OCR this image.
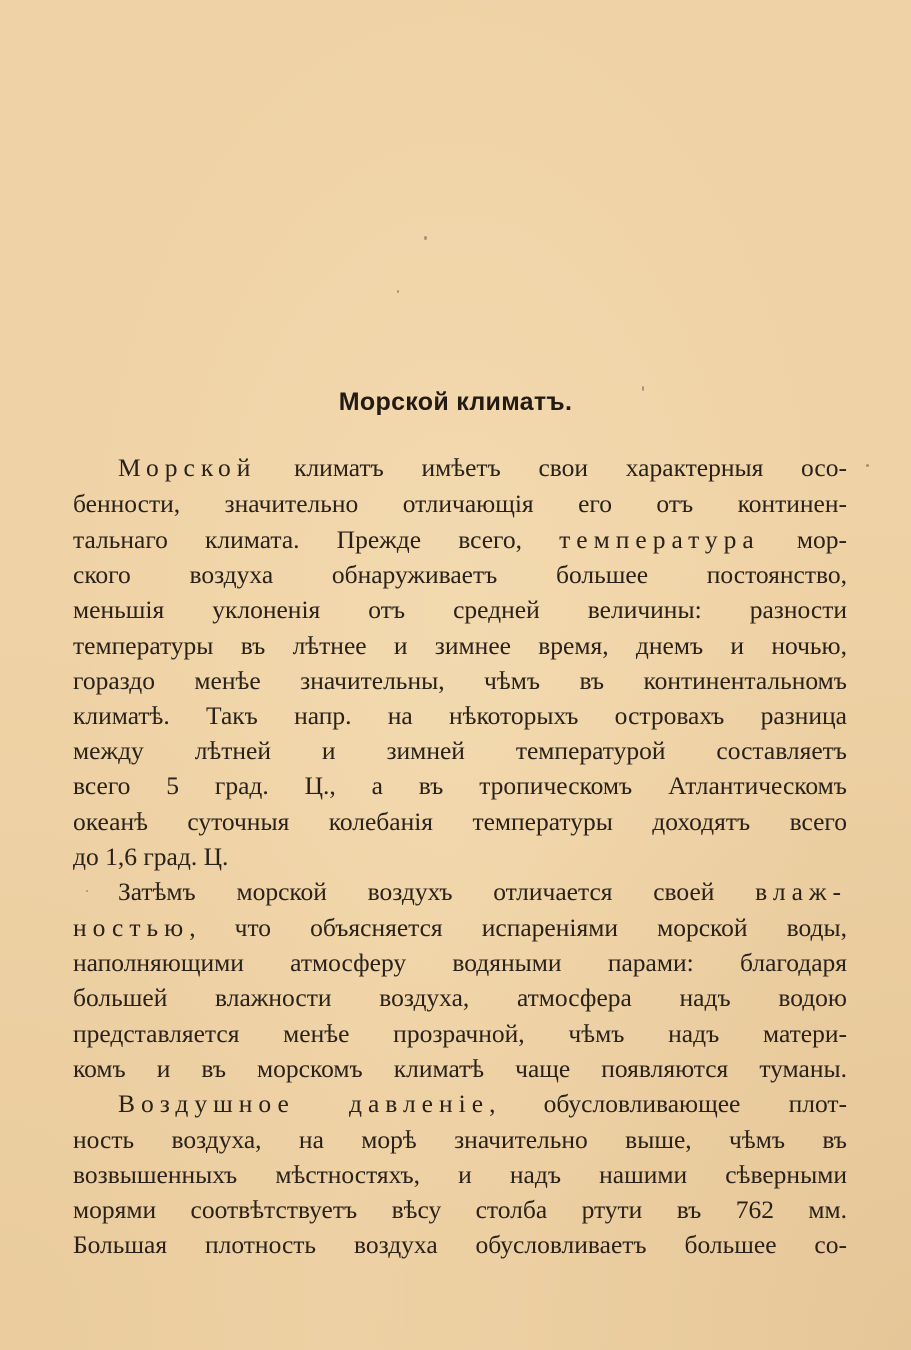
Морской климатъ.
Морской климатъ имѣетъ свои характерныя осо-
бенности, значительно отличающія его отъ континен-
тальнаго климата. Прежде всего, температура мор-
ского воздуха обнаруживаетъ большее постоянство,
меньшія уклоненія отъ средней величины: разности
температуры въ лѣтнее и зимнее время, днемъ и ночью,
гораздо менѣе значительны, чѣмъ въ континентальномъ
климатѣ. Такъ напр. на нѣкоторыхъ островахъ разница
между лѣтней и зимней температурой составляетъ
всего 5 град. Ц., а въ тропическомъ Атлантическомъ
океанѣ суточныя колебанія температуры доходятъ всего
до 1,6 град. Ц.
Затѣмъ морской воздухъ отличается своей влаж-
ностью, что объясняется испареніями морской воды,
наполняющими атмосферу водяными парами: благодаря
большей влажности воздуха, атмосфера надъ водою
представляется менѣе прозрачной, чѣмъ надъ матери-
комъ и въ морскомъ климатѣ чаще появляются туманы.
Воздушное давленіе, обусловливающее плот-
ность воздуха, на морѣ значительно выше, чѣмъ въ
возвышенныхъ мѣстностяхъ, и надъ нашими сѣверными
морями соотвѣтствуетъ вѣсу столба ртути въ 762 мм.
Большая плотность воздуха обусловливаетъ большее со-
